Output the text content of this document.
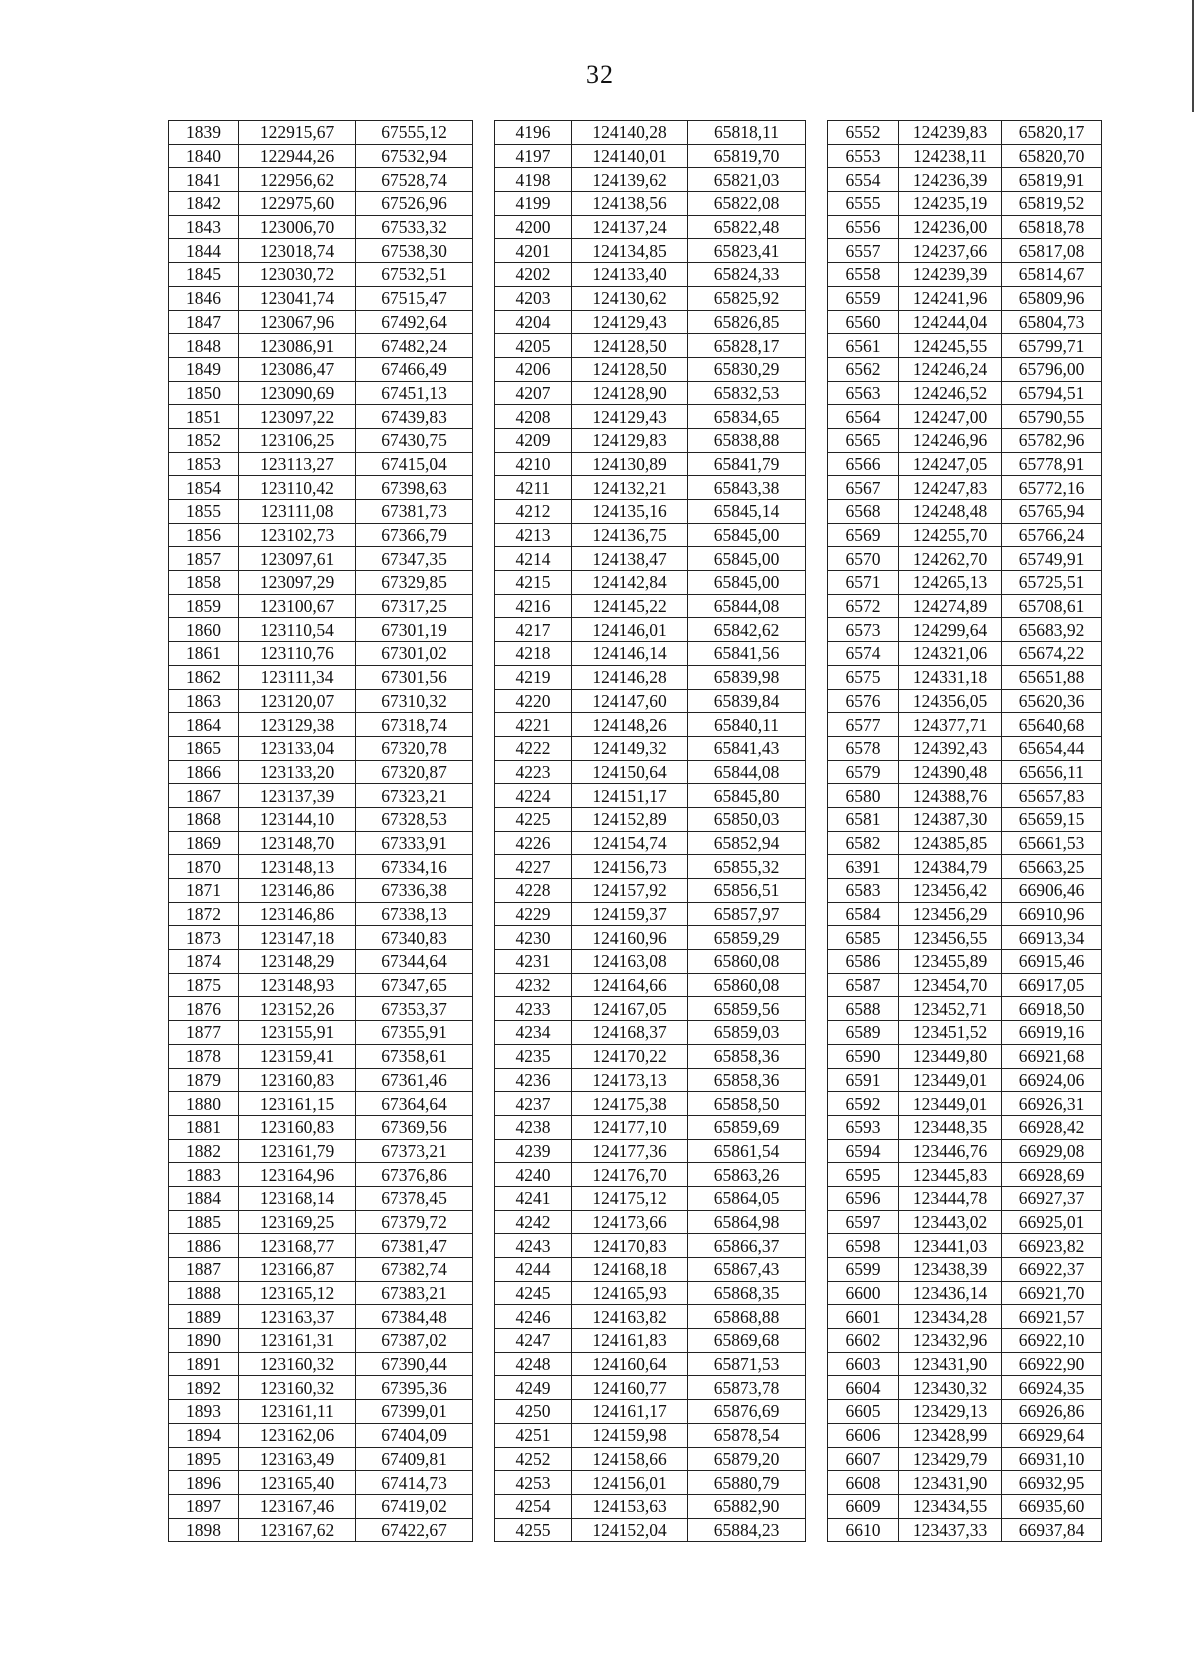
32
1839	122915,67	67555,12		4196	124140,28	65818,11		6552	124239,83	65820,17
1840	122944,26	67532,94		4197	124140,01	65819,70		6553	124238,11	65820,70
1841	122956,62	67528,74		4198	124139,62	65821,03		6554	124236,39	65819,91
1842	122975,60	67526,96		4199	124138,56	65822,08		6555	124235,19	65819,52
1843	123006,70	67533,32		4200	124137,24	65822,48		6556	124236,00	65818,78
1844	123018,74	67538,30		4201	124134,85	65823,41		6557	124237,66	65817,08
1845	123030,72	67532,51		4202	124133,40	65824,33		6558	124239,39	65814,67
1846	123041,74	67515,47		4203	124130,62	65825,92		6559	124241,96	65809,96
1847	123067,96	67492,64		4204	124129,43	65826,85		6560	124244,04	65804,73
1848	123086,91	67482,24		4205	124128,50	65828,17		6561	124245,55	65799,71
1849	123086,47	67466,49		4206	124128,50	65830,29		6562	124246,24	65796,00
1850	123090,69	67451,13		4207	124128,90	65832,53		6563	124246,52	65794,51
1851	123097,22	67439,83		4208	124129,43	65834,65		6564	124247,00	65790,55
1852	123106,25	67430,75		4209	124129,83	65838,88		6565	124246,96	65782,96
1853	123113,27	67415,04		4210	124130,89	65841,79		6566	124247,05	65778,91
1854	123110,42	67398,63		4211	124132,21	65843,38		6567	124247,83	65772,16
1855	123111,08	67381,73		4212	124135,16	65845,14		6568	124248,48	65765,94
1856	123102,73	67366,79		4213	124136,75	65845,00		6569	124255,70	65766,24
1857	123097,61	67347,35		4214	124138,47	65845,00		6570	124262,70	65749,91
1858	123097,29	67329,85		4215	124142,84	65845,00		6571	124265,13	65725,51
1859	123100,67	67317,25		4216	124145,22	65844,08		6572	124274,89	65708,61
1860	123110,54	67301,19		4217	124146,01	65842,62		6573	124299,64	65683,92
1861	123110,76	67301,02		4218	124146,14	65841,56		6574	124321,06	65674,22
1862	123111,34	67301,56		4219	124146,28	65839,98		6575	124331,18	65651,88
1863	123120,07	67310,32		4220	124147,60	65839,84		6576	124356,05	65620,36
1864	123129,38	67318,74		4221	124148,26	65840,11		6577	124377,71	65640,68
1865	123133,04	67320,78		4222	124149,32	65841,43		6578	124392,43	65654,44
1866	123133,20	67320,87		4223	124150,64	65844,08		6579	124390,48	65656,11
1867	123137,39	67323,21		4224	124151,17	65845,80		6580	124388,76	65657,83
1868	123144,10	67328,53		4225	124152,89	65850,03		6581	124387,30	65659,15
1869	123148,70	67333,91		4226	124154,74	65852,94		6582	124385,85	65661,53
1870	123148,13	67334,16		4227	124156,73	65855,32		6391	124384,79	65663,25
1871	123146,86	67336,38		4228	124157,92	65856,51		6583	123456,42	66906,46
1872	123146,86	67338,13		4229	124159,37	65857,97		6584	123456,29	66910,96
1873	123147,18	67340,83		4230	124160,96	65859,29		6585	123456,55	66913,34
1874	123148,29	67344,64		4231	124163,08	65860,08		6586	123455,89	66915,46
1875	123148,93	67347,65		4232	124164,66	65860,08		6587	123454,70	66917,05
1876	123152,26	67353,37		4233	124167,05	65859,56		6588	123452,71	66918,50
1877	123155,91	67355,91		4234	124168,37	65859,03		6589	123451,52	66919,16
1878	123159,41	67358,61		4235	124170,22	65858,36		6590	123449,80	66921,68
1879	123160,83	67361,46		4236	124173,13	65858,36		6591	123449,01	66924,06
1880	123161,15	67364,64		4237	124175,38	65858,50		6592	123449,01	66926,31
1881	123160,83	67369,56		4238	124177,10	65859,69		6593	123448,35	66928,42
1882	123161,79	67373,21		4239	124177,36	65861,54		6594	123446,76	66929,08
1883	123164,96	67376,86		4240	124176,70	65863,26		6595	123445,83	66928,69
1884	123168,14	67378,45		4241	124175,12	65864,05		6596	123444,78	66927,37
1885	123169,25	67379,72		4242	124173,66	65864,98		6597	123443,02	66925,01
1886	123168,77	67381,47		4243	124170,83	65866,37		6598	123441,03	66923,82
1887	123166,87	67382,74		4244	124168,18	65867,43		6599	123438,39	66922,37
1888	123165,12	67383,21		4245	124165,93	65868,35		6600	123436,14	66921,70
1889	123163,37	67384,48		4246	124163,82	65868,88		6601	123434,28	66921,57
1890	123161,31	67387,02		4247	124161,83	65869,68		6602	123432,96	66922,10
1891	123160,32	67390,44		4248	124160,64	65871,53		6603	123431,90	66922,90
1892	123160,32	67395,36		4249	124160,77	65873,78		6604	123430,32	66924,35
1893	123161,11	67399,01		4250	124161,17	65876,69		6605	123429,13	66926,86
1894	123162,06	67404,09		4251	124159,98	65878,54		6606	123428,99	66929,64
1895	123163,49	67409,81		4252	124158,66	65879,20		6607	123429,79	66931,10
1896	123165,40	67414,73		4253	124156,01	65880,79		6608	123431,90	66932,95
1897	123167,46	67419,02		4254	124153,63	65882,90		6609	123434,55	66935,60
1898	123167,62	67422,67		4255	124152,04	65884,23		6610	123437,33	66937,84
